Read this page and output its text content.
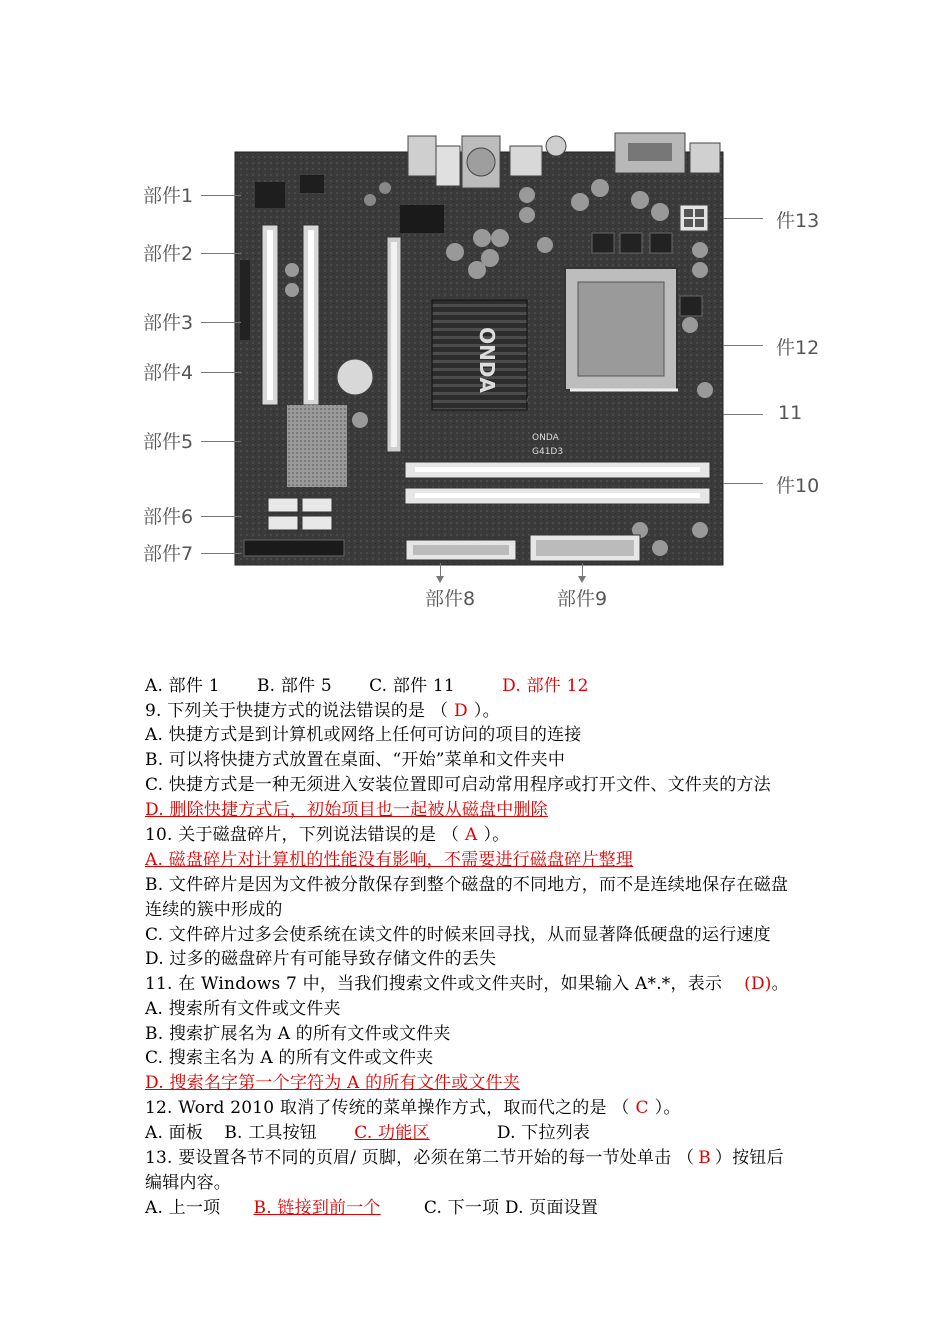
ONDA
ONDA
G41D3
部件1
部件2
部件3
部件4
部件5
部件6
部件7
部件8	部件9
件13
件12
11
件10
A. 部件 1 B. 部件 5 C. 部件 11	D. 部件 12
9. 下列关于快捷方式的说法错误的是 （ D ）。
A. 快捷方式是到计算机或网络上任何可访问的项目的连接
B. 可以将快捷方式放置在桌面、“开始”菜单和文件夹中
C. 快捷方式是一种无须进入安装位置即可启动常用程序或打开文件、文件夹的方法
D. 删除快捷方式后，初始项目也一起被从磁盘中删除
10. 关于磁盘碎片，下列说法错误的是 （ A ）。
A. 磁盘碎片对计算机的性能没有影响，不需要进行磁盘碎片整理
B. 文件碎片是因为文件被分散保存到整个磁盘的不同地方，而不是连续地保存在磁盘
连续的簇中形成的
C. 文件碎片过多会使系统在读文件的时候来回寻找，从而显著降低硬盘的运行速度
D. 过多的磁盘碎片有可能导致存储文件的丢失
11. 在 Windows 7 中，当我们搜索文件或文件夹时，如果输入 A*.*，表示 (D)。
A. 搜索所有文件或文件夹
B. 搜索扩展名为 A 的所有文件或文件夹
C. 搜索主名为 A 的所有文件或文件夹
D. 搜索名字第一个字符为 A 的所有文件或文件夹
12. Word 2010 取消了传统的菜单操作方式，取而代之的是 （ C ）。
A. 面板 B. 工具按钮 C. 功能区	D. 下拉列表
13. 要设置各节不同的页眉/ 页脚，必须在第二节开始的每一节处单击 （ B ）按钮后
编辑内容。
A. 上一项 B. 链接到前一个	C. 下一项 D. 页面设置
